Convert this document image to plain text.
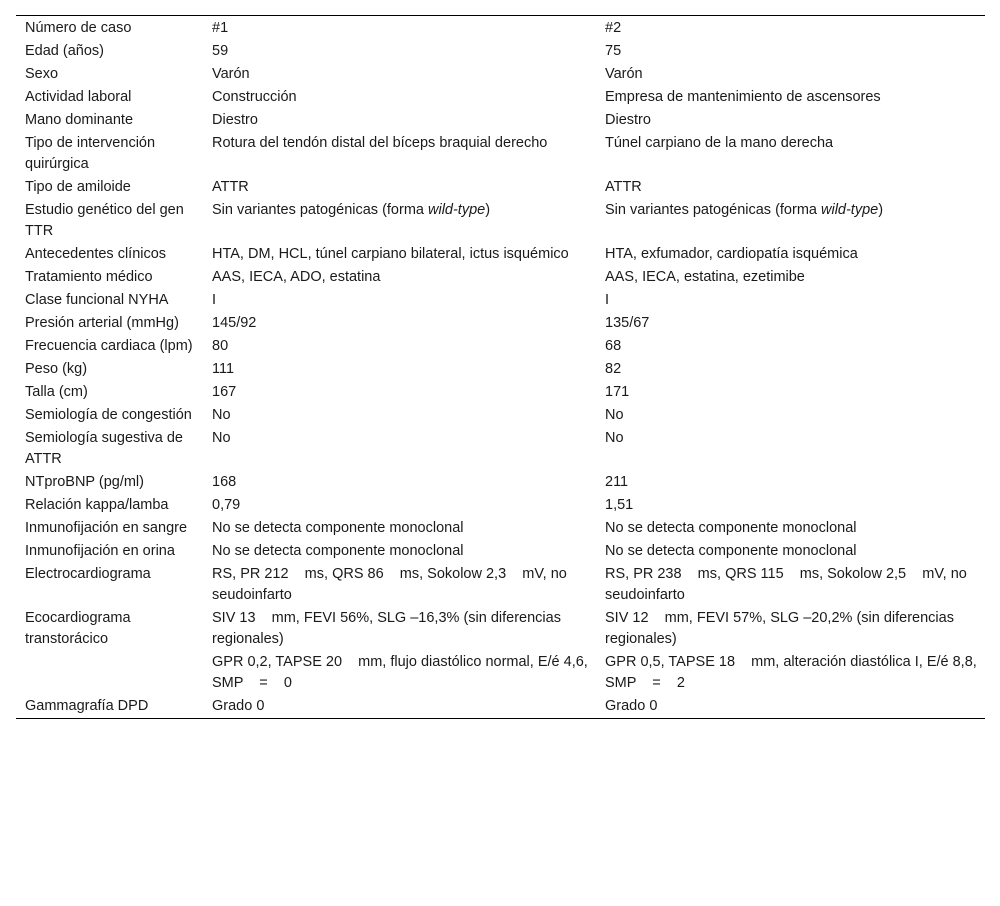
Número de caso	#1	#2
Edad (años)	59	75
Sexo	Varón	Varón
Actividad laboral	Construcción	Empresa de mantenimiento de ascensores
Mano dominante	Diestro	Diestro
Tipo de intervención quirúrgica	Rotura del tendón distal del bíceps braquial derecho	Túnel carpiano de la mano derecha
Tipo de amiloide	ATTR	ATTR
Estudio genético del gen TTR	Sin variantes patogénicas (forma wild-type)	Sin variantes patogénicas (forma wild-type)
Antecedentes clínicos	HTA, DM, HCL, túnel carpiano bilateral, ictus isquémico	HTA, exfumador, cardiopatía isquémica
Tratamiento médico	AAS, IECA, ADO, estatina	AAS, IECA, estatina, ezetimibe
Clase funcional NYHA	I	I
Presión arterial (mmHg)	145/92	135/67
Frecuencia cardiaca (lpm)	80	68
Peso (kg)	111	82
Talla (cm)	167	171
Semiología de congestión	No	No
Semiología sugestiva de ATTR	No	No
NTproBNP (pg/ml)	168	211
Relación kappa/lamba	0,79	1,51
Inmunofijación en sangre	No se detecta componente monoclonal	No se detecta componente monoclonal
Inmunofijación en orina	No se detecta componente monoclonal	No se detecta componente monoclonal
Electrocardiograma	RS, PR 212    ms, QRS 86    ms, Sokolow 2,3    mV, no seudoinfarto	RS, PR 238    ms, QRS 115    ms, Sokolow 2,5    mV, no seudoinfarto
Ecocardiograma transtorácico	SIV 13    mm, FEVI 56%, SLG –16,3% (sin diferencias regionales)	SIV 12    mm, FEVI 57%, SLG –20,2% (sin diferencias regionales)
	GPR 0,2, TAPSE 20    mm, flujo diastólico normal, E/é 4,6, SMP    =    0	GPR 0,5, TAPSE 18    mm, alteración diastólica I, E/é 8,8, SMP    =    2
Gammagrafía DPD	Grado 0	Grado 0
